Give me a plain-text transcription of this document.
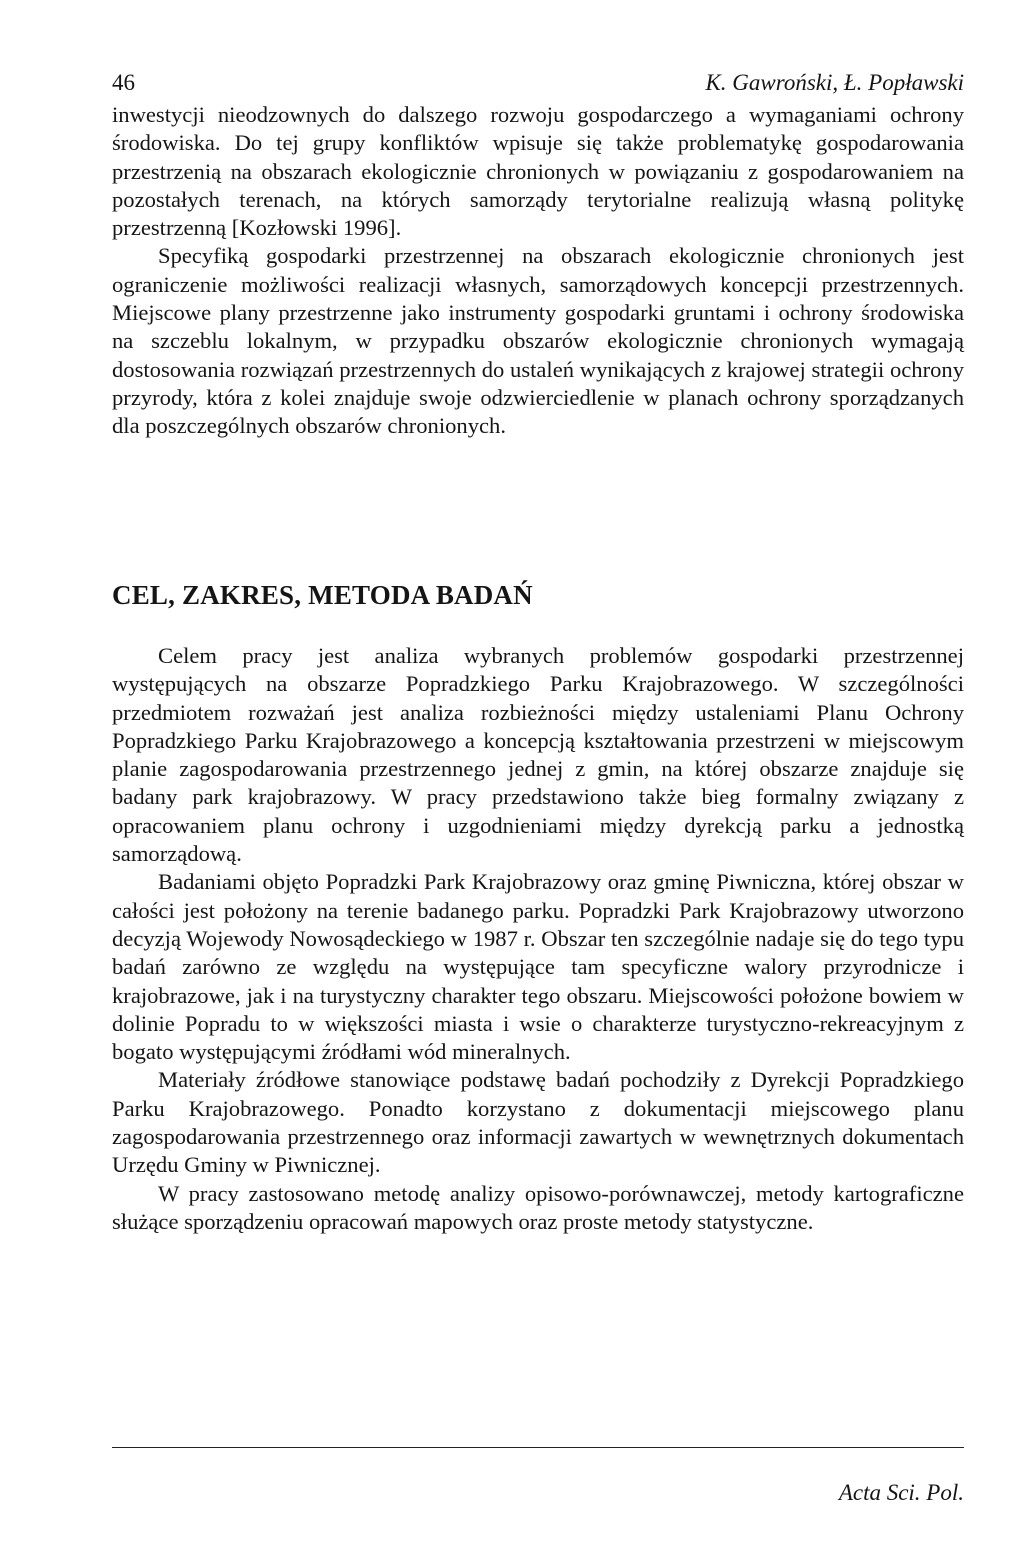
46	K. Gawroński, Ł. Popławski

inwestycji nieodzownych do dalszego rozwoju gospodarczego a wymaganiami ochrony środowiska. Do tej grupy konfliktów wpisuje się także problematykę gospodarowania przestrzenią na obszarach ekologicznie chronionych w powiązaniu z gospodarowaniem na pozostałych terenach, na których samorządy terytorialne realizują własną politykę przestrzenną [Kozłowski 1996].

Specyfiką gospodarki przestrzennej na obszarach ekologicznie chronionych jest ograniczenie możliwości realizacji własnych, samorządowych koncepcji przestrzennych. Miejscowe plany przestrzenne jako instrumenty gospodarki gruntami i ochrony środowiska na szczeblu lokalnym, w przypadku obszarów ekologicznie chronionych wymagają dostosowania rozwiązań przestrzennych do ustaleń wynikających z krajowej strategii ochrony przyrody, która z kolei znajduje swoje odzwierciedlenie w planach ochrony sporządzanych dla poszczególnych obszarów chronionych.

CEL, ZAKRES, METODA BADAŃ

Celem pracy jest analiza wybranych problemów gospodarki przestrzennej występujących na obszarze Popradzkiego Parku Krajobrazowego. W szczególności przedmiotem rozważań jest analiza rozbieżności między ustaleniami Planu Ochrony Popradzkiego Parku Krajobrazowego a koncepcją kształtowania przestrzeni w miejscowym planie zagospodarowania przestrzennego jednej z gmin, na której obszarze znajduje się badany park krajobrazowy. W pracy przedstawiono także bieg formalny związany z opracowaniem planu ochrony i uzgodnieniami między dyrekcją parku a jednostką samorządową.

Badaniami objęto Popradzki Park Krajobrazowy oraz gminę Piwniczna, której obszar w całości jest położony na terenie badanego parku. Popradzki Park Krajobrazowy utworzono decyzją Wojewody Nowosądeckiego w 1987 r. Obszar ten szczególnie nadaje się do tego typu badań zarówno ze względu na występujące tam specyficzne walory przyrodnicze i krajobrazowe, jak i na turystyczny charakter tego obszaru. Miejscowości położone bowiem w dolinie Popradu to w większości miasta i wsie o charakterze turystyczno-rekreacyjnym z bogato występującymi źródłami wód mineralnych.

Materiały źródłowe stanowiące podstawę badań pochodziły z Dyrekcji Popradzkiego Parku Krajobrazowego. Ponadto korzystano z dokumentacji miejscowego planu zagospodarowania przestrzennego oraz informacji zawartych w wewnętrznych dokumentach Urzędu Gminy w Piwnicznej.

W pracy zastosowano metodę analizy opisowo-porównawczej, metody kartograficzne służące sporządzeniu opracowań mapowych oraz proste metody statystyczne.

Acta Sci. Pol.
